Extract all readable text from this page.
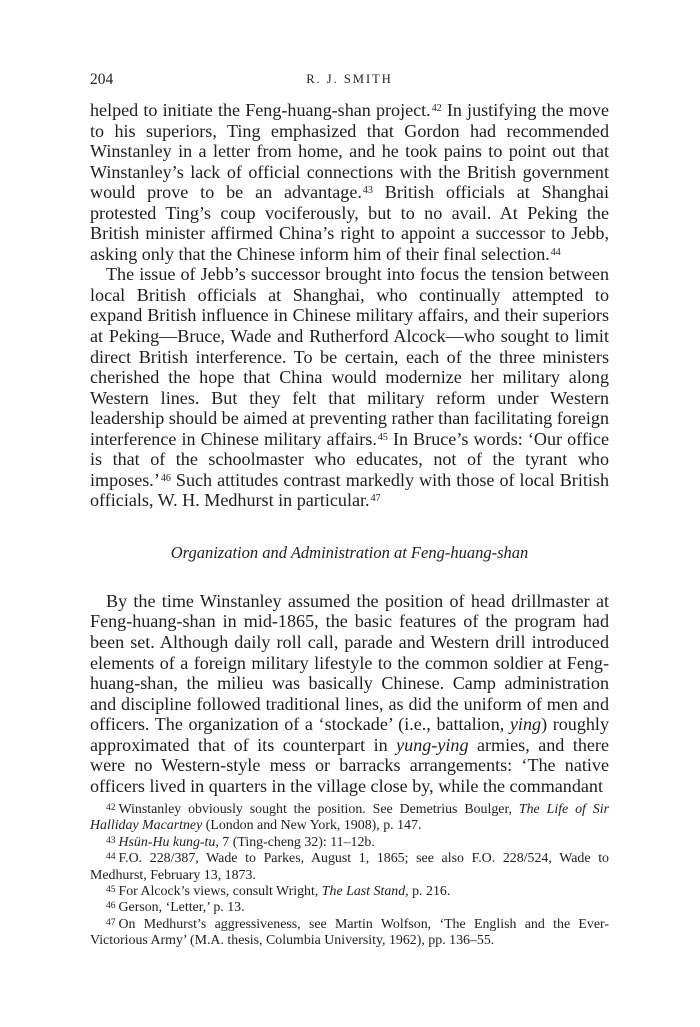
204	R. J. SMITH

helped to initiate the Feng-huang-shan project.$^{42}$ In justifying the move to his superiors, Ting emphasized that Gordon had recommended Winstanley in a letter from home, and he took pains to point out that Winstanley’s lack of official connections with the British government would prove to be an advantage.$^{43}$ British officials at Shanghai protested Ting’s coup vociferously, but to no avail. At Peking the British minister affirmed China’s right to appoint a successor to Jebb, asking only that the Chinese inform him of their final selection.$^{44}$

The issue of Jebb’s successor brought into focus the tension between local British officials at Shanghai, who continually attempted to expand British influence in Chinese military affairs, and their superiors at Peking—Bruce, Wade and Rutherford Alcock—who sought to limit direct British interference. To be certain, each of the three ministers cherished the hope that China would modernize her military along Western lines. But they felt that military reform under Western leadership should be aimed at preventing rather than facilitating foreign interference in Chinese military affairs.$^{45}$ In Bruce’s words: ‘Our office is that of the schoolmaster who educates, not of the tyrant who imposes.’$^{46}$ Such attitudes contrast markedly with those of local British officials, W. H. Medhurst in particular.$^{47}$

Organization and Administration at Feng-huang-shan

By the time Winstanley assumed the position of head drillmaster at Feng-huang-shan in mid-1865, the basic features of the program had been set. Although daily roll call, parade and Western drill introduced elements of a foreign military lifestyle to the common soldier at Feng-huang-shan, the milieu was basically Chinese. Camp administration and discipline followed traditional lines, as did the uniform of men and officers. The organization of a ‘stockade’ (i.e., battalion, ying) roughly approximated that of its counterpart in yung-ying armies, and there were no Western-style mess or barracks arrangements: ‘The native officers lived in quarters in the village close by, while the commandant

$^{42}$ Winstanley obviously sought the position. See Demetrius Boulger, The Life of Sir Halliday Macartney (London and New York, 1908), p. 147.

$^{43}$ Hsün-Hu kung-tu, 7 (Ting-cheng 32): 11–12b.

$^{44}$ F.O. 228/387, Wade to Parkes, August 1, 1865; see also F.O. 228/524, Wade to Medhurst, February 13, 1873.

$^{45}$ For Alcock’s views, consult Wright, The Last Stand, p. 216.

$^{46}$ Gerson, ‘Letter,’ p. 13.

$^{47}$ On Medhurst’s aggressiveness, see Martin Wolfson, ‘The English and the Ever-Victorious Army’ (M.A. thesis, Columbia University, 1962), pp. 136–55.
